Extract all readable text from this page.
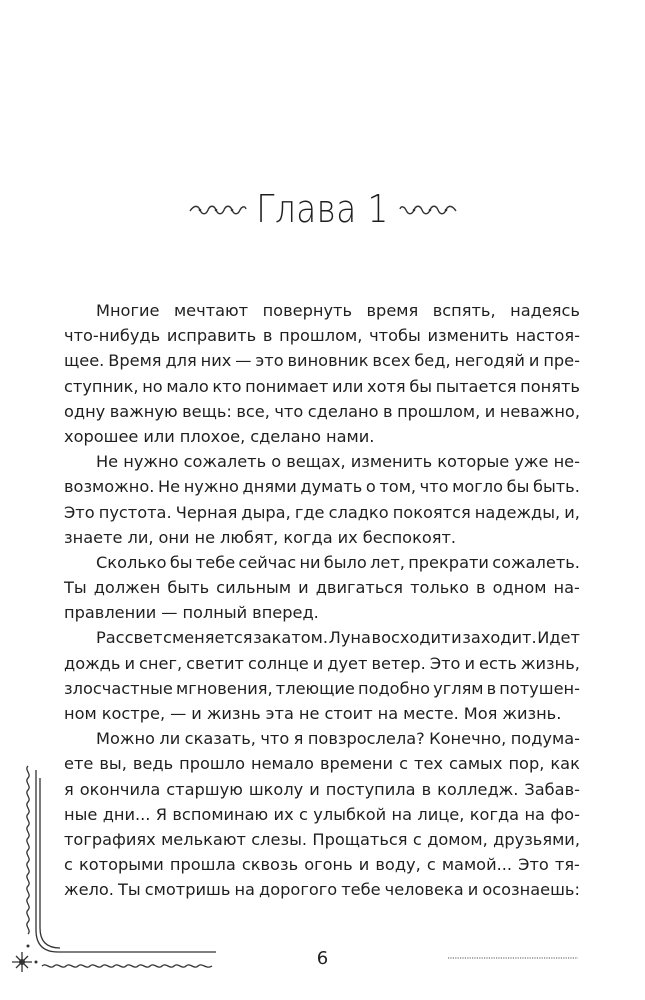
Глава 1
Многие мечтают повернуть время вспять, надеясь
что-нибудь исправить в прошлом, чтобы изменить настоя-
щее. Время для них — это виновник всех бед, негодяй и пре-
ступник, но мало кто понимает или хотя бы пытается понять
одну важную вещь: все, что сделано в прошлом, и неважно,
хорошее или плохое, сделано нами.
Не нужно сожалеть о вещах, изменить которые уже не-
возможно. Не нужно днями думать о том, что могло бы быть.
Это пустота. Черная дыра, где сладко покоятся надежды, и,
знаете ли, они не любят, когда их беспокоят.
Сколько бы тебе сейчас ни было лет, прекрати сожалеть.
Ты должен быть сильным и двигаться только в одном на-
правлении — полный вперед.
Рассвет сменяется закатом. Луна восходит и заходит. Идет
дождь и снег, светит солнце и дует ветер. Это и есть жизнь,
злосчастные мгновения, тлеющие подобно углям в потушен-
ном костре, — и жизнь эта не стоит на месте. Моя жизнь.
Можно ли сказать, что я повзрослела? Конечно, подума-
ете вы, ведь прошло немало времени с тех самых пор, как
я окончила старшую школу и поступила в колледж. Забав-
ные дни... Я вспоминаю их с улыбкой на лице, когда на фо-
тографиях мелькают слезы. Прощаться с домом, друзьями,
с которыми прошла сквозь огонь и воду, с мамой... Это тя-
жело. Ты смотришь на дорогого тебе человека и осознаешь:
6
